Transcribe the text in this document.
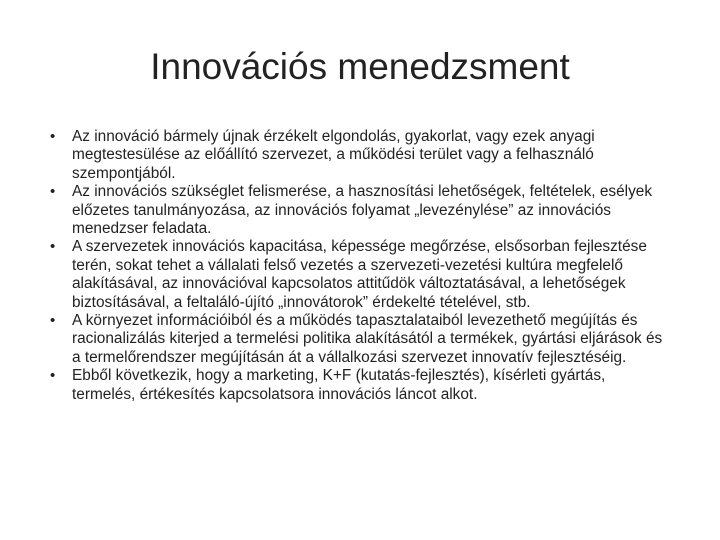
Innovációs menedzsment
•	Az innováció bármely újnak érzékelt elgondolás, gyakorlat, vagy ezek anyagi megtestesülése az előállító szervezet, a működési terület vagy a felhasználó szempontjából.
•	Az innovációs szükséglet felismerése, a hasznosítási lehetőségek, feltételek, esélyek előzetes tanulmányozása, az innovációs folyamat „levezénylése” az innovációs menedzser feladata.
•	A szervezetek innovációs kapacitása, képessége megőrzése, elsősorban fejlesztése terén, sokat tehet a vállalati felső vezetés a szervezeti-vezetési kultúra megfelelő alakításával, az innovációval kapcsolatos attitűdök változtatásával, a lehetőségek biztosításával, a feltaláló-újító „innovátorok” érdekelté tételével, stb.
•	A környezet információiból és a működés tapasztalataiból levezethető megújítás és racionalizálás kiterjed a termelési politika alakításától a termékek, gyártási eljárások és a termelőrendszer megújításán át a vállalkozási szervezet innovatív fejlesztéséig.
•	Ebből következik, hogy a marketing, K+F (kutatás-fejlesztés), kísérleti gyártás, termelés, értékesítés kapcsolatsora innovációs láncot alkot.
